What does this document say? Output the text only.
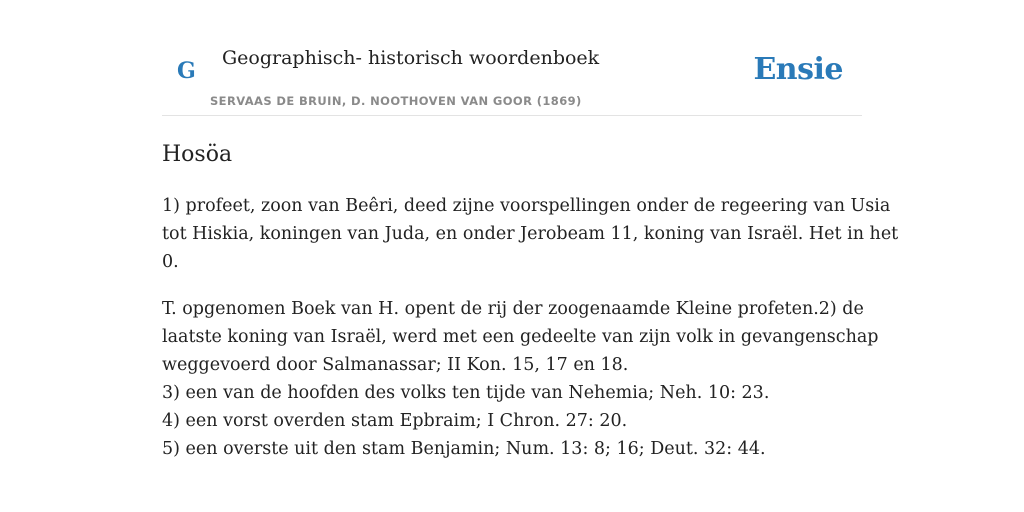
G Geographisch- historisch woordenboek
SERVAAS DE BRUIN, D. NOOTHOVEN VAN GOOR (1869)
Ensie
Hosöa

1) profeet, zoon van Beêri, deed zijne voorspellingen onder de regeering van Usia
tot Hiskia, koningen van Juda, en onder Jerobeam 11, koning van Israël. Het in het
0.

T. opgenomen Boek van H. opent de rij der zoogenaamde Kleine profeten.2) de
laatste koning van Israël, werd met een gedeelte van zijn volk in gevangenschap
weggevoerd door Salmanassar; II Kon. 15, 17 en 18.
3) een van de hoofden des volks ten tijde van Nehemia; Neh. 10: 23.
4) een vorst overden stam Epbraim; I Chron. 27: 20.
5) een overste uit den stam Benjamin; Num. 13: 8; 16; Deut. 32: 44.
